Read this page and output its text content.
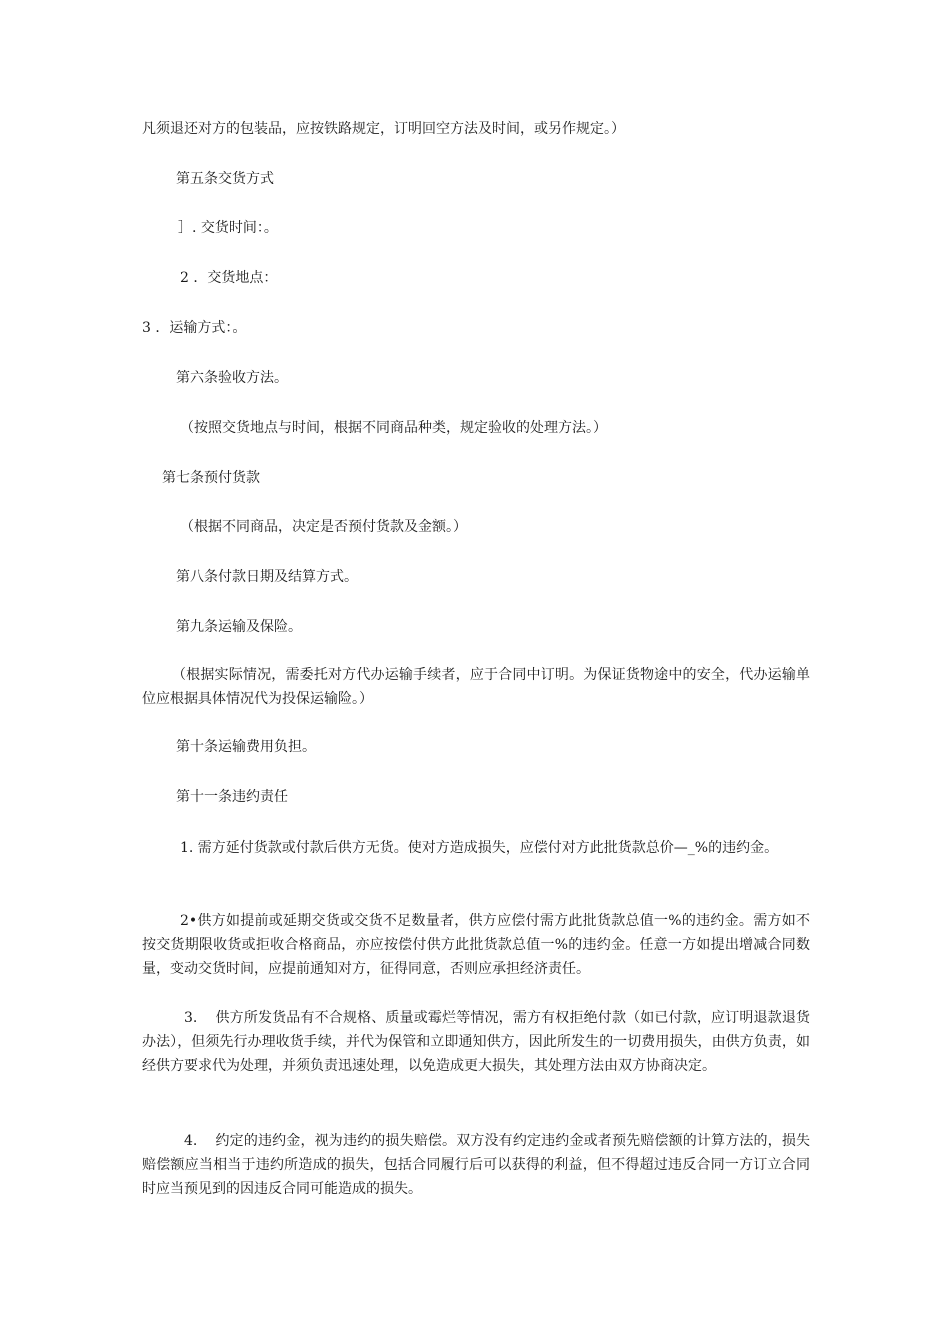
凡须退还对方的包装品，应按铁路规定，订明回空方法及时间，或另作规定。）
第五条交货方式
］. 交货时间：。
2 ．交货地点：
3 ．运输方式：。
第六条验收方法。
（按照交货地点与时间，根据不同商品种类，规定验收的处理方法。）
第七条预付货款
（根据不同商品，决定是否预付货款及金额。）
第八条付款日期及结算方式。
第九条运输及保险。
（根据实际情况，需委托对方代办运输手续者，应于合同中订明。为保证货物途中的安全，代办运输单位应根据具体情况代为投保运输险。）
第十条运输费用负担。
第十一条违约责任
1. 需方延付货款或付款后供方无货。使对方造成损失，应偿付对方此批货款总价—_%的违约金。
2•供方如提前或延期交货或交货不足数量者，供方应偿付需方此批货款总值一%的违约金。需方如不按交货期限收货或拒收合格商品，亦应按偿付供方此批货款总值一%的违约金。任意一方如提出增减合同数量，变动交货时间，应提前通知对方，征得同意，否则应承担经济责任。
3. 供方所发货品有不合规格、质量或霉烂等情况，需方有权拒绝付款（如已付款，应订明退款退货办法），但须先行办理收货手续，并代为保管和立即通知供方，因此所发生的一切费用损失，由供方负责，如经供方要求代为处理，并须负责迅速处理，以免造成更大损失，其处理方法由双方协商决定。
4. 约定的违约金，视为违约的损失赔偿。双方没有约定违约金或者预先赔偿额的计算方法的，损失赔偿额应当相当于违约所造成的损失，包括合同履行后可以获得的利益，但不得超过违反合同一方订立合同时应当预见到的因违反合同可能造成的损失。
